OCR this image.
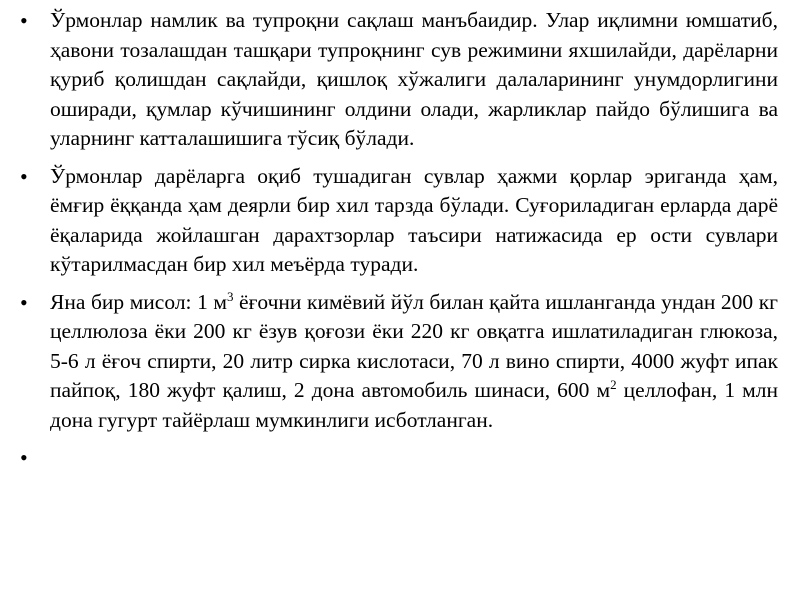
• Ўрмонлар намлик ва тупроқни сақлаш манъбаидир. Улар иқлимни юмшатиб, ҳавони тозалашдан ташқари тупроқнинг сув режимини яхшилайди, дарёларни қуриб қолишдан сақлайди, қишлоқ хўжалиги далаларининг унумдорлигини оширади, қумлар кўчишининг олдини олади, жарликлар пайдо бўлишига ва уларнинг катталашишига тўсиқ бўлади.
• Ўрмонлар дарёларга оқиб тушадиган сувлар ҳажми қорлар эриганда ҳам, ёмғир ёққанда ҳам деярли бир хил тарзда бўлади. Суғориладиган ерларда дарё ёқаларида жойлашган дарахтзорлар таъсири натижасида ер ости сувлари кўтарилмасдан бир хил меъёрда туради.
• Яна бир мисол: 1 $м^3$ ёғочни кимёвий йўл билан қайта ишланганда ундан 200 кг целлюлоза ёки 200 кг ёзув қоғози ёки 220 кг овқатга ишлатиладиган глюкоза, 5-6 л ёғоч спирти, 20 литр сирка кислотаси, 70 л вино спирти, 4000 жуфт ипак пайпоқ, 180 жуфт қалиш, 2 дона автомобиль шинаси, 600 $м^2$ целлофан, 1 млн дона гугурт тайёрлаш мумкинлиги исботланган.
•
